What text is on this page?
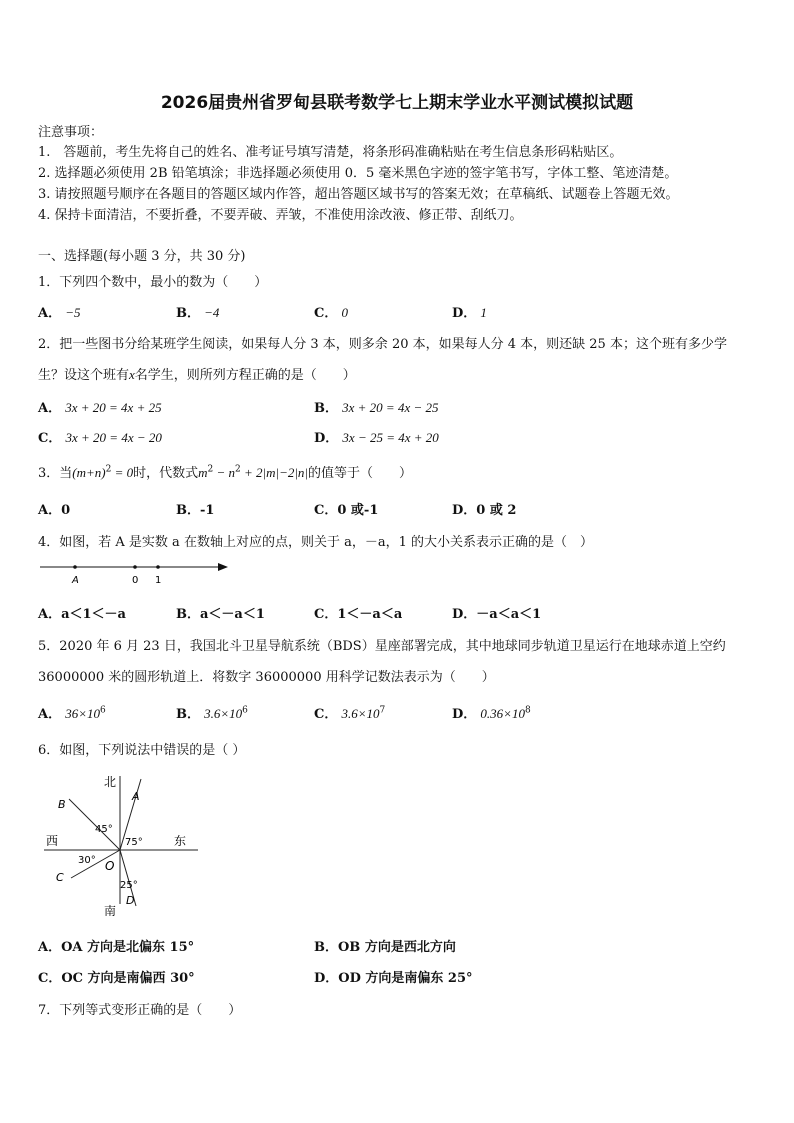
2026届贵州省罗甸县联考数学七上期末学业水平测试模拟试题
注意事项：
1.　答题前，考生先将自己的姓名、准考证号填写清楚，将条形码准确粘贴在考生信息条形码粘贴区。
2. 选择题必须使用 2B 铅笔填涂；非选择题必须使用 0．5 毫米黑色字迹的签字笔书写，字体工整、笔迹清楚。
3. 请按照题号顺序在各题目的答题区域内作答，超出答题区域书写的答案无效；在草稿纸、试题卷上答题无效。
4. 保持卡面清洁，不要折叠，不要弄破、弄皱，不准使用涂改液、修正带、刮纸刀。
一、选择题(每小题 3 分，共 30 分)
1．下列四个数中，最小的数为（　　）
A． −5	B． −4	C． 0	D． 1
2．把一些图书分给某班学生阅读，如果每人分 3 本，则多余 20 本，如果每人分 4 本，则还缺 25 本；这个班有多少学
生？设这个班有x名学生，则所列方程正确的是（　　）
A． 3x + 20 = 4x + 25	B． 3x + 20 = 4x − 25
C． 3x + 20 = 4x − 20	D． 3x − 25 = 4x + 20
3．当$(m+n)^2 = 0$时，代数式$m^2 - n^2 + 2|m|-2|n|$的值等于（　　）
A．0	B．-1	C．0 或-1	D．0 或 2
4．如图，若 A 是实数 a 在数轴上对应的点，则关于 a，－a，1 的大小关系表示正确的是（　）
A	0 1
A．a＜1＜－a	B．a＜－a＜1	C．1＜－a＜a	D．－a＜a＜1
5．2020 年 6 月 23 日，我国北斗卫星导航系统（BDS）星座部署完成，其中地球同步轨道卫星运行在地球赤道上空约
36000000 米的圆形轨道上．将数字 36000000 用科学记数法表示为（　　）
A． $36\times 10^6$	B． $3.6\times 10^6$	C． $3.6\times 10^7$	D． $0.36\times 10^8$
6．如图，下列说法中错误的是（ ）
北
南
西	东
A
B
C
D
O
45°
75°
30°
25°
A．OA 方向是北偏东 15°	B．OB 方向是西北方向
C．OC 方向是南偏西 30°	D．OD 方向是南偏东 25°
7．下列等式变形正确的是（　　）
